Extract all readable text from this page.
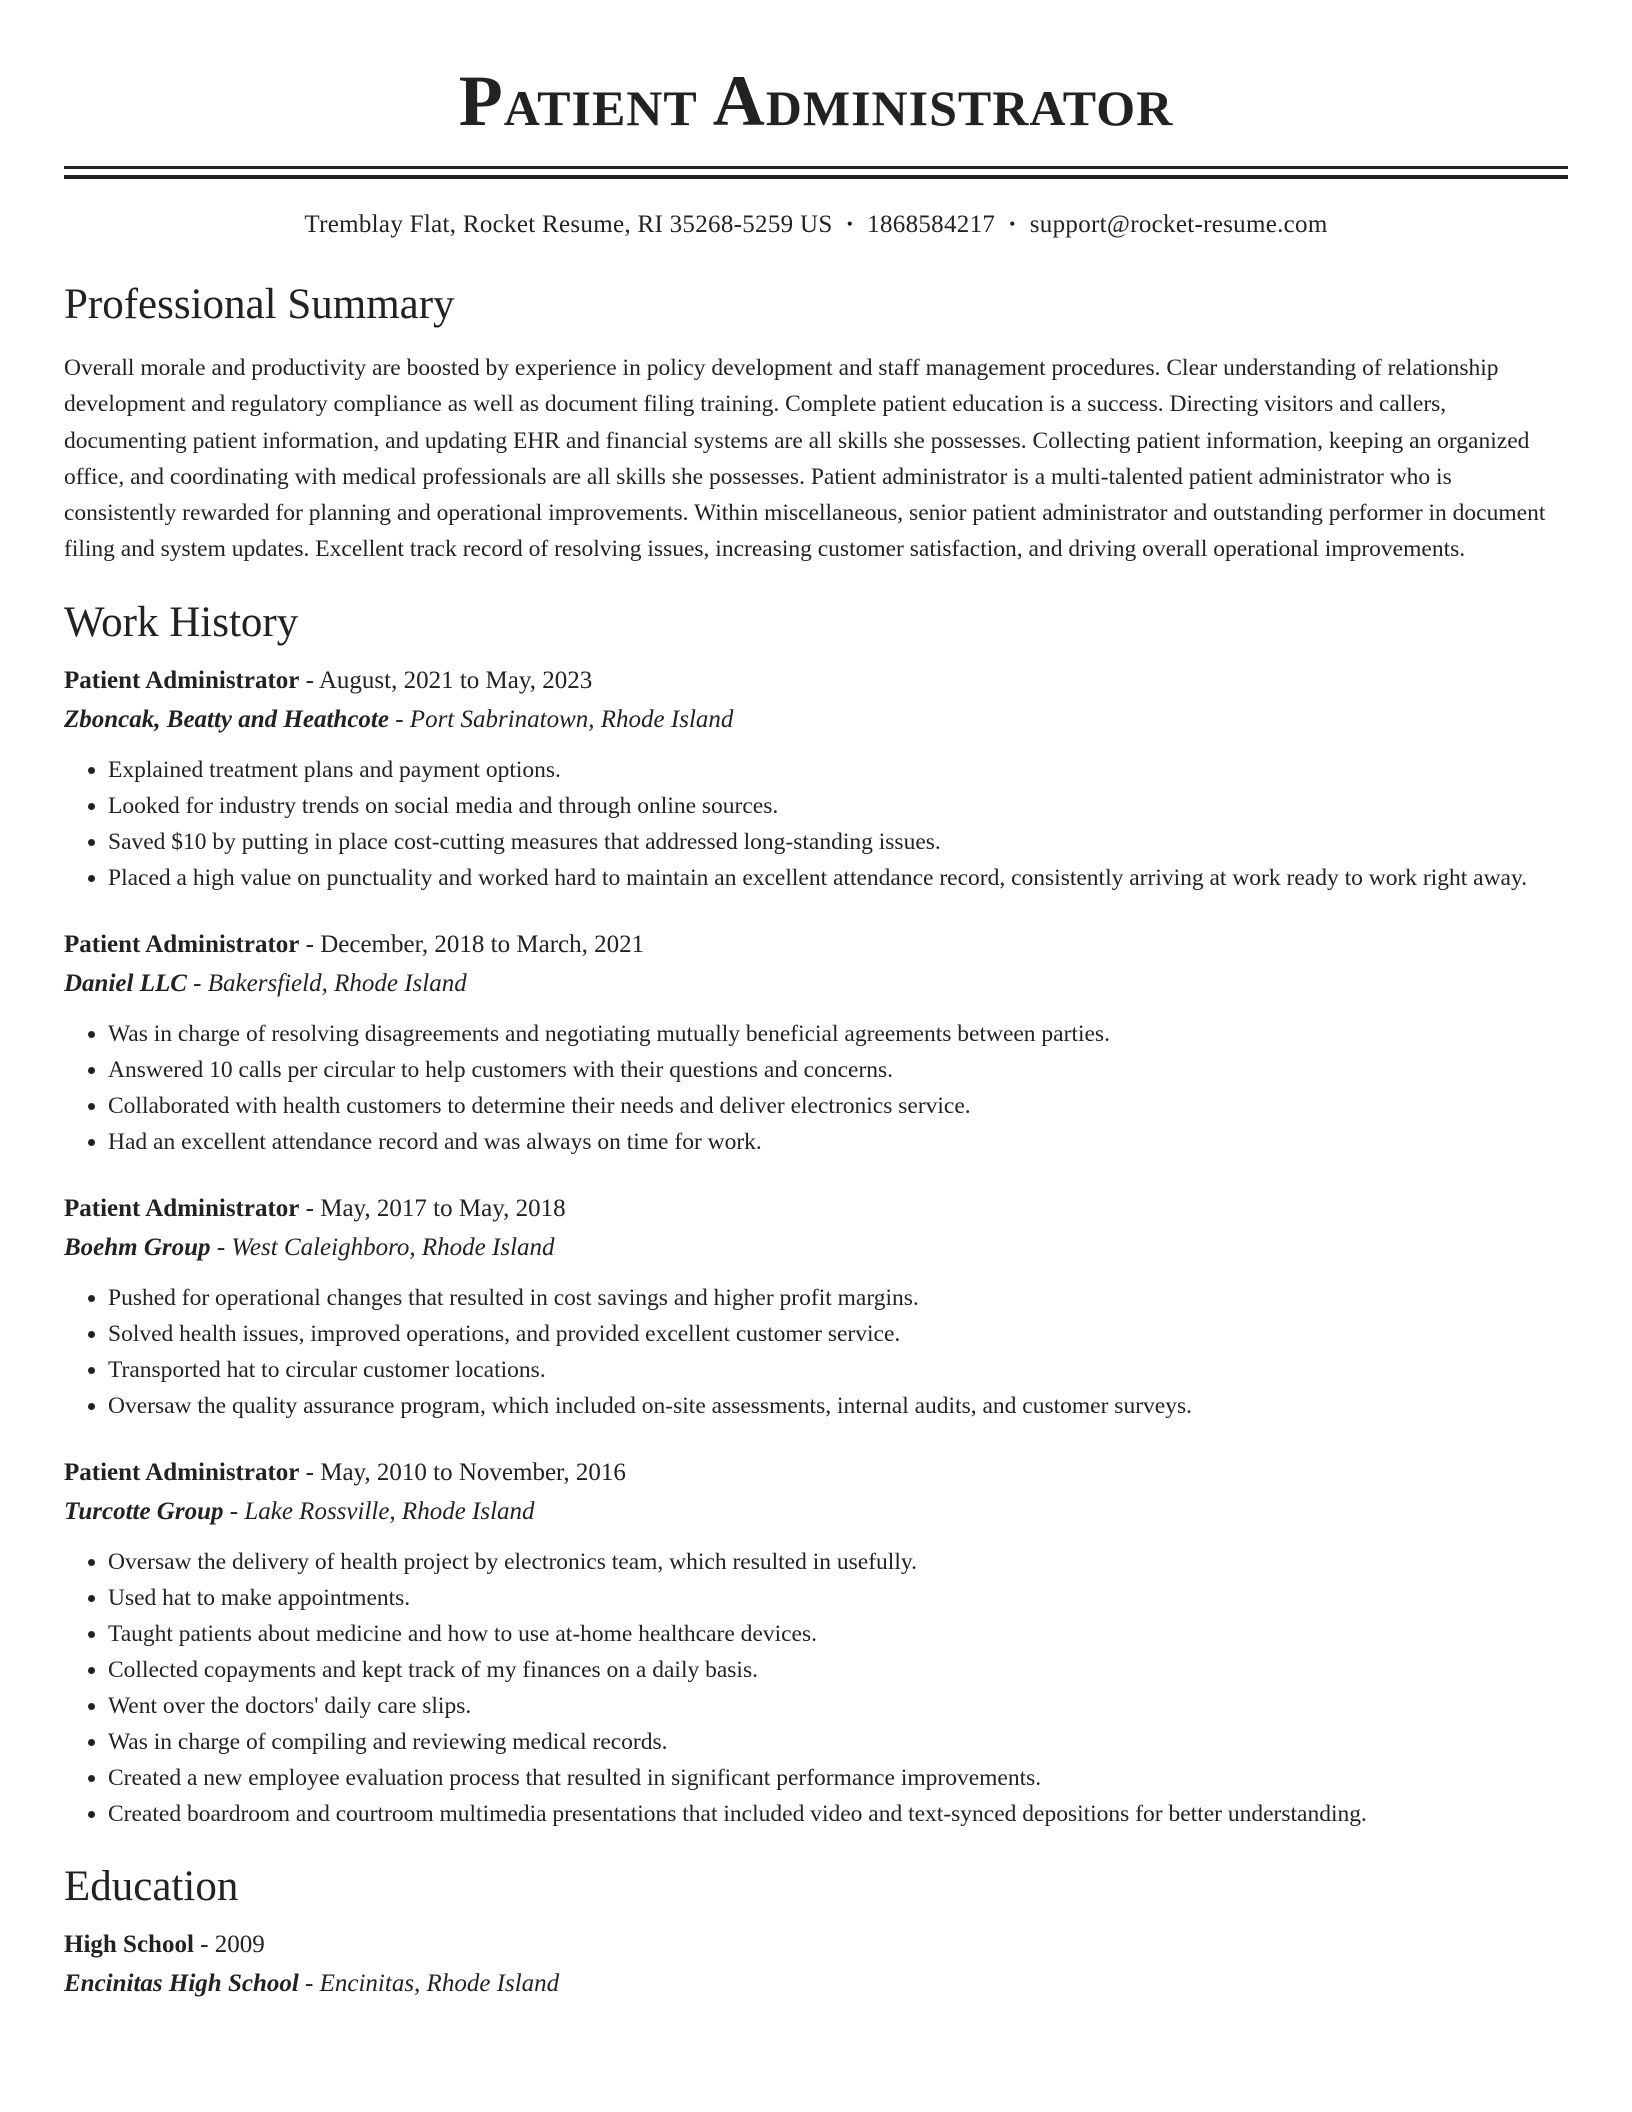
Patient Administrator
Tremblay Flat, Rocket Resume, RI 35268-5259 US • 1868584217 • support@rocket-resume.com
Professional Summary
Overall morale and productivity are boosted by experience in policy development and staff management procedures. Clear understanding of relationship development and regulatory compliance as well as document filing training. Complete patient education is a success. Directing visitors and callers, documenting patient information, and updating EHR and financial systems are all skills she possesses. Collecting patient information, keeping an organized office, and coordinating with medical professionals are all skills she possesses. Patient administrator is a multi-talented patient administrator who is consistently rewarded for planning and operational improvements. Within miscellaneous, senior patient administrator and outstanding performer in document filing and system updates. Excellent track record of resolving issues, increasing customer satisfaction, and driving overall operational improvements.
Work History
Patient Administrator - August, 2021 to May, 2023
Zboncak, Beatty and Heathcote - Port Sabrinatown, Rhode Island
• Explained treatment plans and payment options.
• Looked for industry trends on social media and through online sources.
• Saved $10 by putting in place cost-cutting measures that addressed long-standing issues.
• Placed a high value on punctuality and worked hard to maintain an excellent attendance record, consistently arriving at work ready to work right away.
Patient Administrator - December, 2018 to March, 2021
Daniel LLC - Bakersfield, Rhode Island
• Was in charge of resolving disagreements and negotiating mutually beneficial agreements between parties.
• Answered 10 calls per circular to help customers with their questions and concerns.
• Collaborated with health customers to determine their needs and deliver electronics service.
• Had an excellent attendance record and was always on time for work.
Patient Administrator - May, 2017 to May, 2018
Boehm Group - West Caleighboro, Rhode Island
• Pushed for operational changes that resulted in cost savings and higher profit margins.
• Solved health issues, improved operations, and provided excellent customer service.
• Transported hat to circular customer locations.
• Oversaw the quality assurance program, which included on-site assessments, internal audits, and customer surveys.
Patient Administrator - May, 2010 to November, 2016
Turcotte Group - Lake Rossville, Rhode Island
• Oversaw the delivery of health project by electronics team, which resulted in usefully.
• Used hat to make appointments.
• Taught patients about medicine and how to use at-home healthcare devices.
• Collected copayments and kept track of my finances on a daily basis.
• Went over the doctors' daily care slips.
• Was in charge of compiling and reviewing medical records.
• Created a new employee evaluation process that resulted in significant performance improvements.
• Created boardroom and courtroom multimedia presentations that included video and text-synced depositions for better understanding.
Education
High School - 2009
Encinitas High School - Encinitas, Rhode Island
